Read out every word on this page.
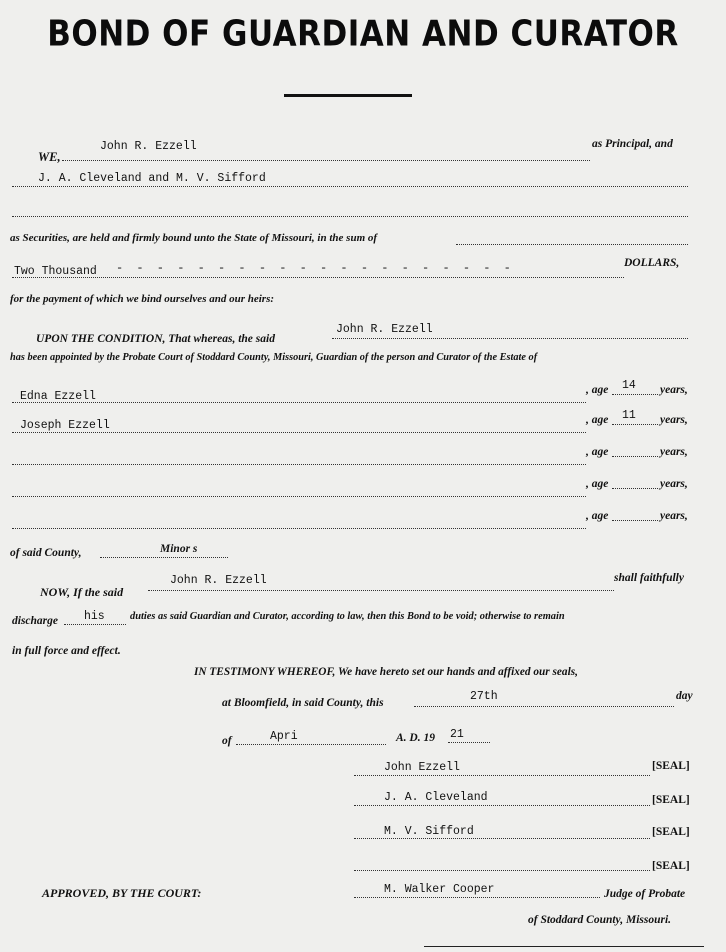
BOND OF GUARDIAN AND CURATOR
WE,
John R. Ezzell	as Principal, and
J. A. Cleveland and M. V. Sifford
as Securities, are held and firmly bound unto the State of Missouri, in the sum of
Two Thousand - - - - - - - - - - - - - - - - - - - -	DOLLARS,
for the payment of which we bind ourselves and our heirs:
UPON THE CONDITION, That whereas, the said
John R. Ezzell
has been appointed by the Probate Court of Stoddard County, Missouri, Guardian of the person and Curator of the Estate of
Edna Ezzell	, age 14 years,
Joseph Ezzell	, age 11 years,
, age	years,
, age	years,
, age	years,
of said County,	Minor s
NOW, If the said
John R. Ezzell	shall faithfully
discharge his duties as said Guardian and Curator, according to law, then this Bond to be void; otherwise to remain
in full force and effect.
IN TESTIMONY WHEREOF, We have hereto set our hands and affixed our seals,
at Bloomfield, in said County, this	27th	day
of	Apri	A. D. 19 21
John Ezzell	[SEAL]
J. A. Cleveland	[SEAL]
M. V. Sifford	[SEAL]
[SEAL]
APPROVED, BY THE COURT:	M. Walker Cooper	Judge of Probate
of Stoddard County, Missouri.
